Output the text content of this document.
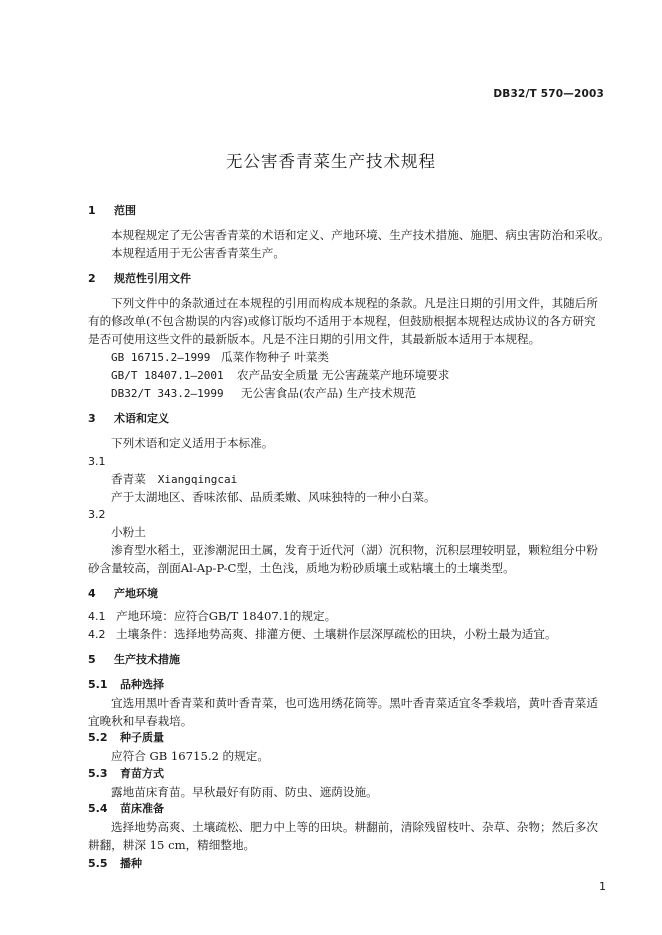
DB32/T 570—2003
无公害香青菜生产技术规程
1 范围
本规程规定了无公害香青菜的术语和定义、产地环境、生产技术措施、施肥、病虫害防治和采收。
本规程适用于无公害香青菜生产。
2 规范性引用文件
下列文件中的条款通过在本规程的引用而构成本规程的条款。凡是注日期的引用文件，其随后所
有的修改单(不包含勘误的内容)或修订版均不适用于本规程，但鼓励根据本规程达成协议的各方研究
是否可使用这些文件的最新版本。凡是不注日期的引用文件，其最新版本适用于本规程。
GB 16715.2—1999 瓜菜作物种子 叶菜类
GB/T 18407.1—2001 农产品安全质量 无公害蔬菜产地环境要求
DB32/T 343.2—1999 无公害食品(农产品) 生产技术规范
3 术语和定义
下列术语和定义适用于本标准。
3.1
香青菜 Xiangqingcai
产于太湖地区、香味浓郁、品质柔嫩、风味独特的一种小白菜。
3.2
小粉土
渗育型水稻土，亚渗潮泥田土属，发育于近代河（湖）沉积物，沉积层理较明显，颗粒组分中粉
砂含量较高，剖面Al-Ap-P-C型，土色浅，质地为粉砂质壤土或粘壤土的土壤类型。
4 产地环境
4.1 产地环境：应符合GB/T 18407.1的规定。
4.2 土壤条件：选择地势高爽、排灌方便、土壤耕作层深厚疏松的田块，小粉土最为适宜。
5 生产技术措施
5.1 品种选择
宜选用黑叶香青菜和黄叶香青菜，也可选用绣花筒等。黑叶香青菜适宜冬季栽培，黄叶香青菜适
宜晚秋和早春栽培。
5.2 种子质量
应符合 GB 16715.2 的规定。
5.3 育苗方式
露地苗床育苗。早秋最好有防雨、防虫、遮荫设施。
5.4 苗床准备
选择地势高爽、土壤疏松、肥力中上等的田块。耕翻前，清除残留枝叶、杂草、杂物；然后多次
耕翻，耕深 15 cm，精细整地。
5.5 播种
1
